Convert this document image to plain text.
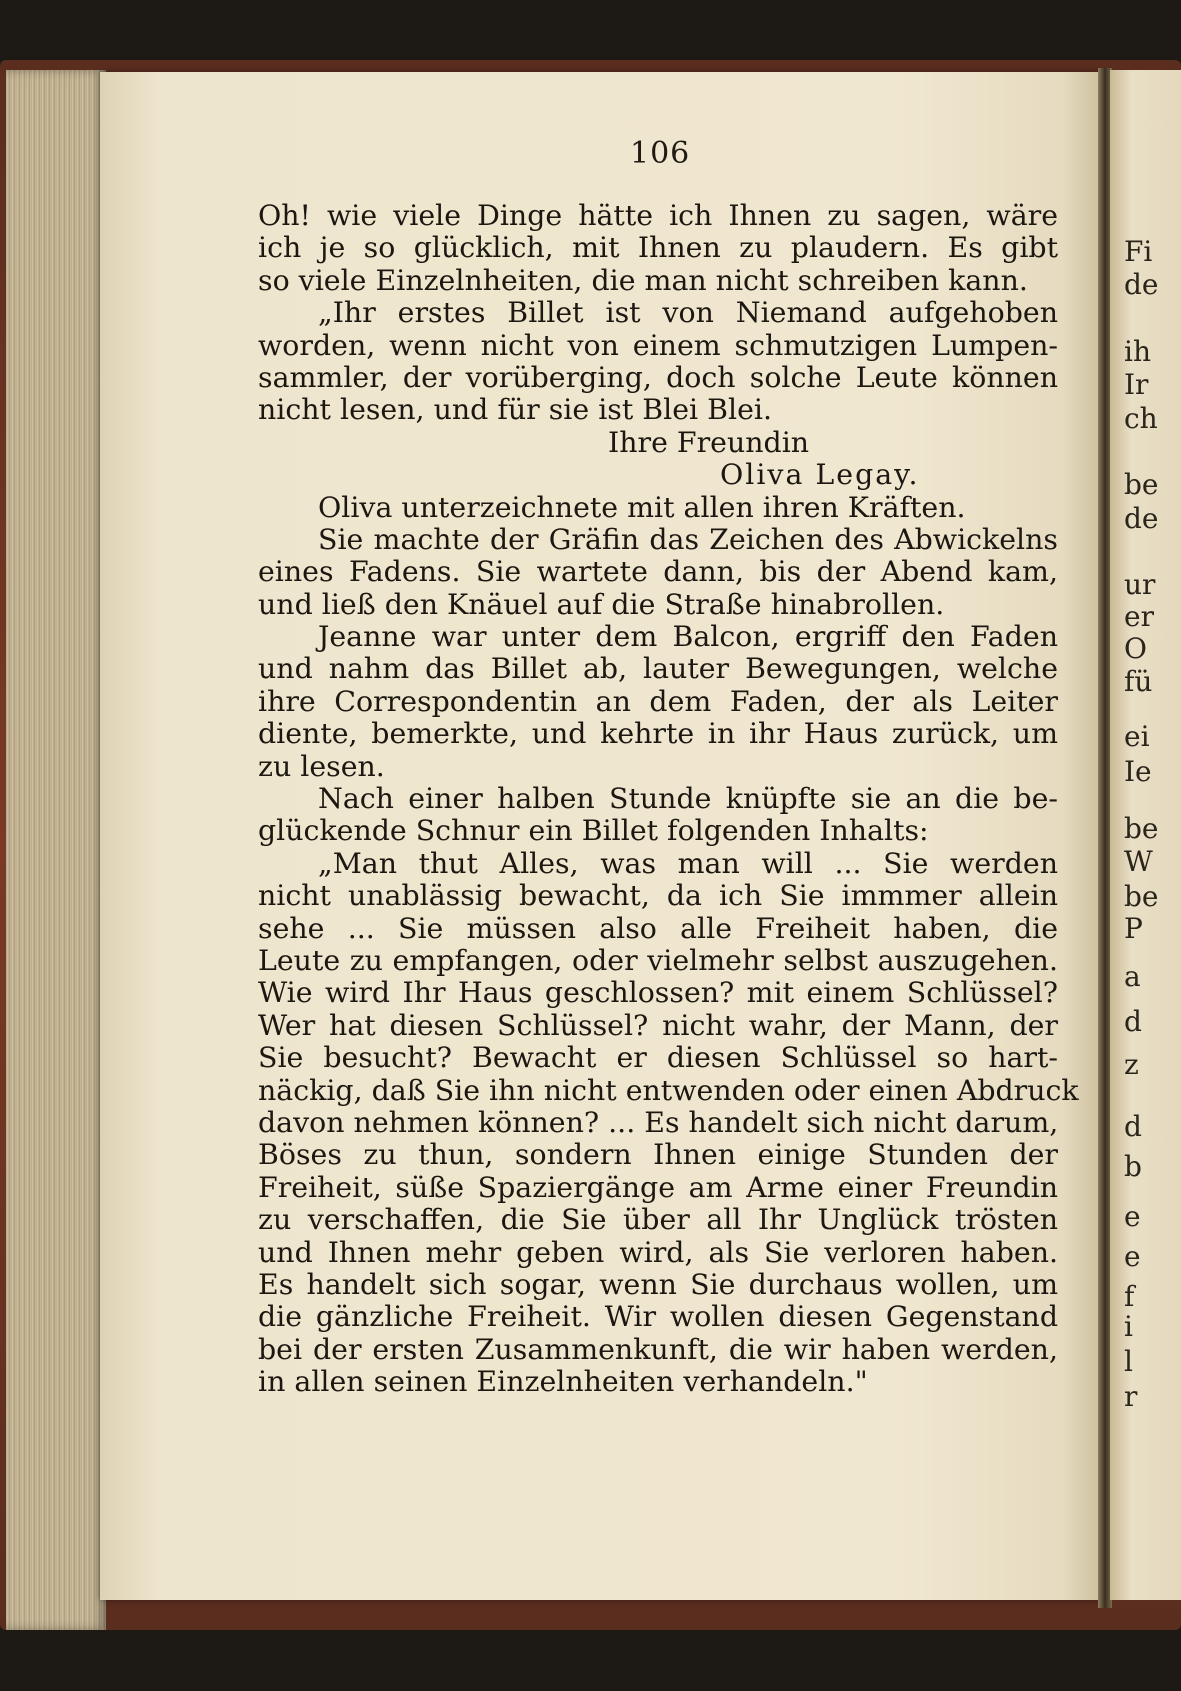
Fi
de
ih
Ir
ch
be
de
ur
er
O
fü
ei
Ie
be
W
be
P
a
d
z
d
b
e
e
f
i
l
r
106
Oh! wie viele Dinge hätte ich Ihnen zu sagen, wäre
ich je so glücklich, mit Ihnen zu plaudern. Es gibt
so viele Einzelnheiten, die man nicht schreiben kann.
„Ihr erstes Billet ist von Niemand aufgehoben
worden, wenn nicht von einem schmutzigen Lumpen-
sammler, der vorüberging, doch solche Leute können
nicht lesen, und für sie ist Blei Blei.
Ihre Freundin
Oliva Legay.
Oliva unterzeichnete mit allen ihren Kräften.
Sie machte der Gräfin das Zeichen des Abwickelns
eines Fadens. Sie wartete dann, bis der Abend kam,
und ließ den Knäuel auf die Straße hinabrollen.
Jeanne war unter dem Balcon, ergriff den Faden
und nahm das Billet ab, lauter Bewegungen, welche
ihre Correspondentin an dem Faden, der als Leiter
diente, bemerkte, und kehrte in ihr Haus zurück, um
zu lesen.
Nach einer halben Stunde knüpfte sie an die be-
glückende Schnur ein Billet folgenden Inhalts:
„Man thut Alles, was man will ... Sie werden
nicht unablässig bewacht, da ich Sie immmer allein
sehe ... Sie müssen also alle Freiheit haben, die
Leute zu empfangen, oder vielmehr selbst auszugehen.
Wie wird Ihr Haus geschlossen? mit einem Schlüssel?
Wer hat diesen Schlüssel? nicht wahr, der Mann, der
Sie besucht? Bewacht er diesen Schlüssel so hart-
näckig, daß Sie ihn nicht entwenden oder einen Abdruck
davon nehmen können? ... Es handelt sich nicht darum,
Böses zu thun, sondern Ihnen einige Stunden der
Freiheit, süße Spaziergänge am Arme einer Freundin
zu verschaffen, die Sie über all Ihr Unglück trösten
und Ihnen mehr geben wird, als Sie verloren haben.
Es handelt sich sogar, wenn Sie durchaus wollen, um
die gänzliche Freiheit. Wir wollen diesen Gegenstand
bei der ersten Zusammenkunft, die wir haben werden,
in allen seinen Einzelnheiten verhandeln."
